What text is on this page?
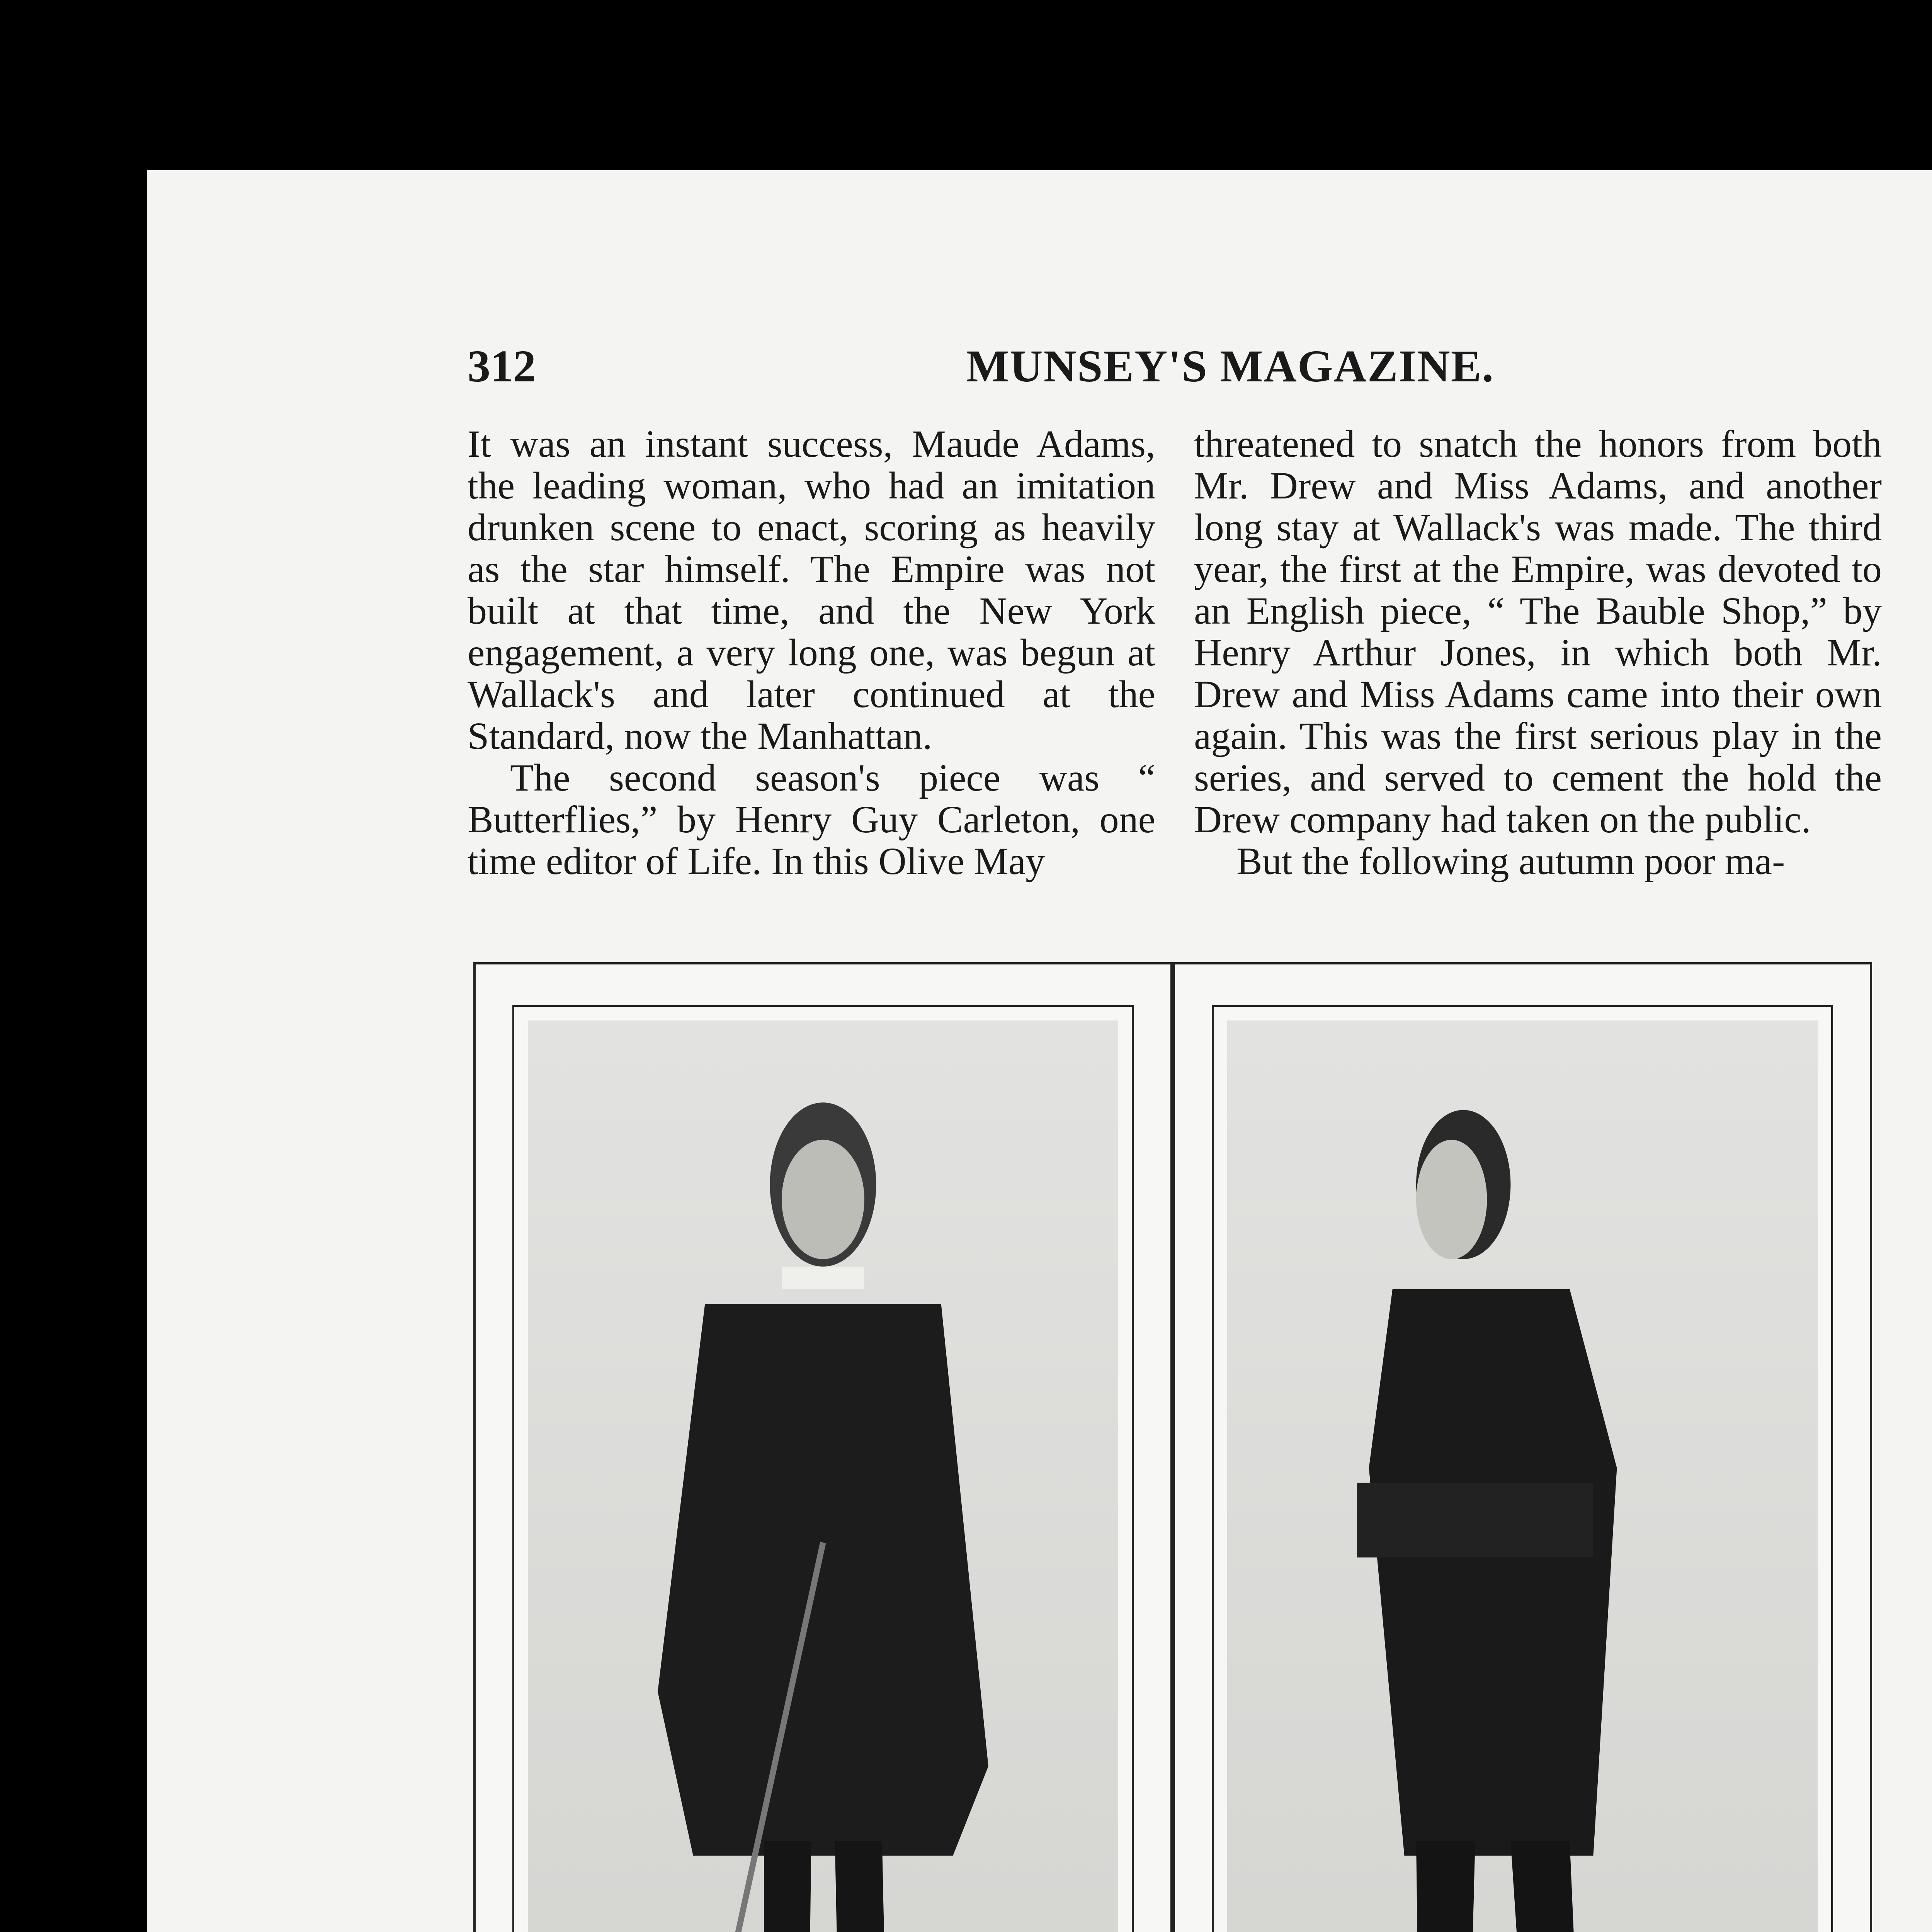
312	MUNSEY'S MAGAZINE.

It was an instant success, Maude Adams, the leading woman, who had an imitation drunken scene to enact, scoring as heavily as the star himself. The Empire was not built at that time, and the New York engagement, a very long one, was begun at Wallack's and later continued at the Standard, now the Manhattan.

The second season's piece was “ Butterflies,” by Henry Guy Carleton, one time editor of Life. In this Olive May

threatened to snatch the honors from both Mr. Drew and Miss Adams, and another long stay at Wallack's was made. The third year, the first at the Empire, was devoted to an English piece, “ The Bauble Shop,” by Henry Arthur Jones, in which both Mr. Drew and Miss Adams came into their own again. This was the first serious play in the series, and served to cement the hold the Drew company had taken on the public.

But the following autumn poor ma-
